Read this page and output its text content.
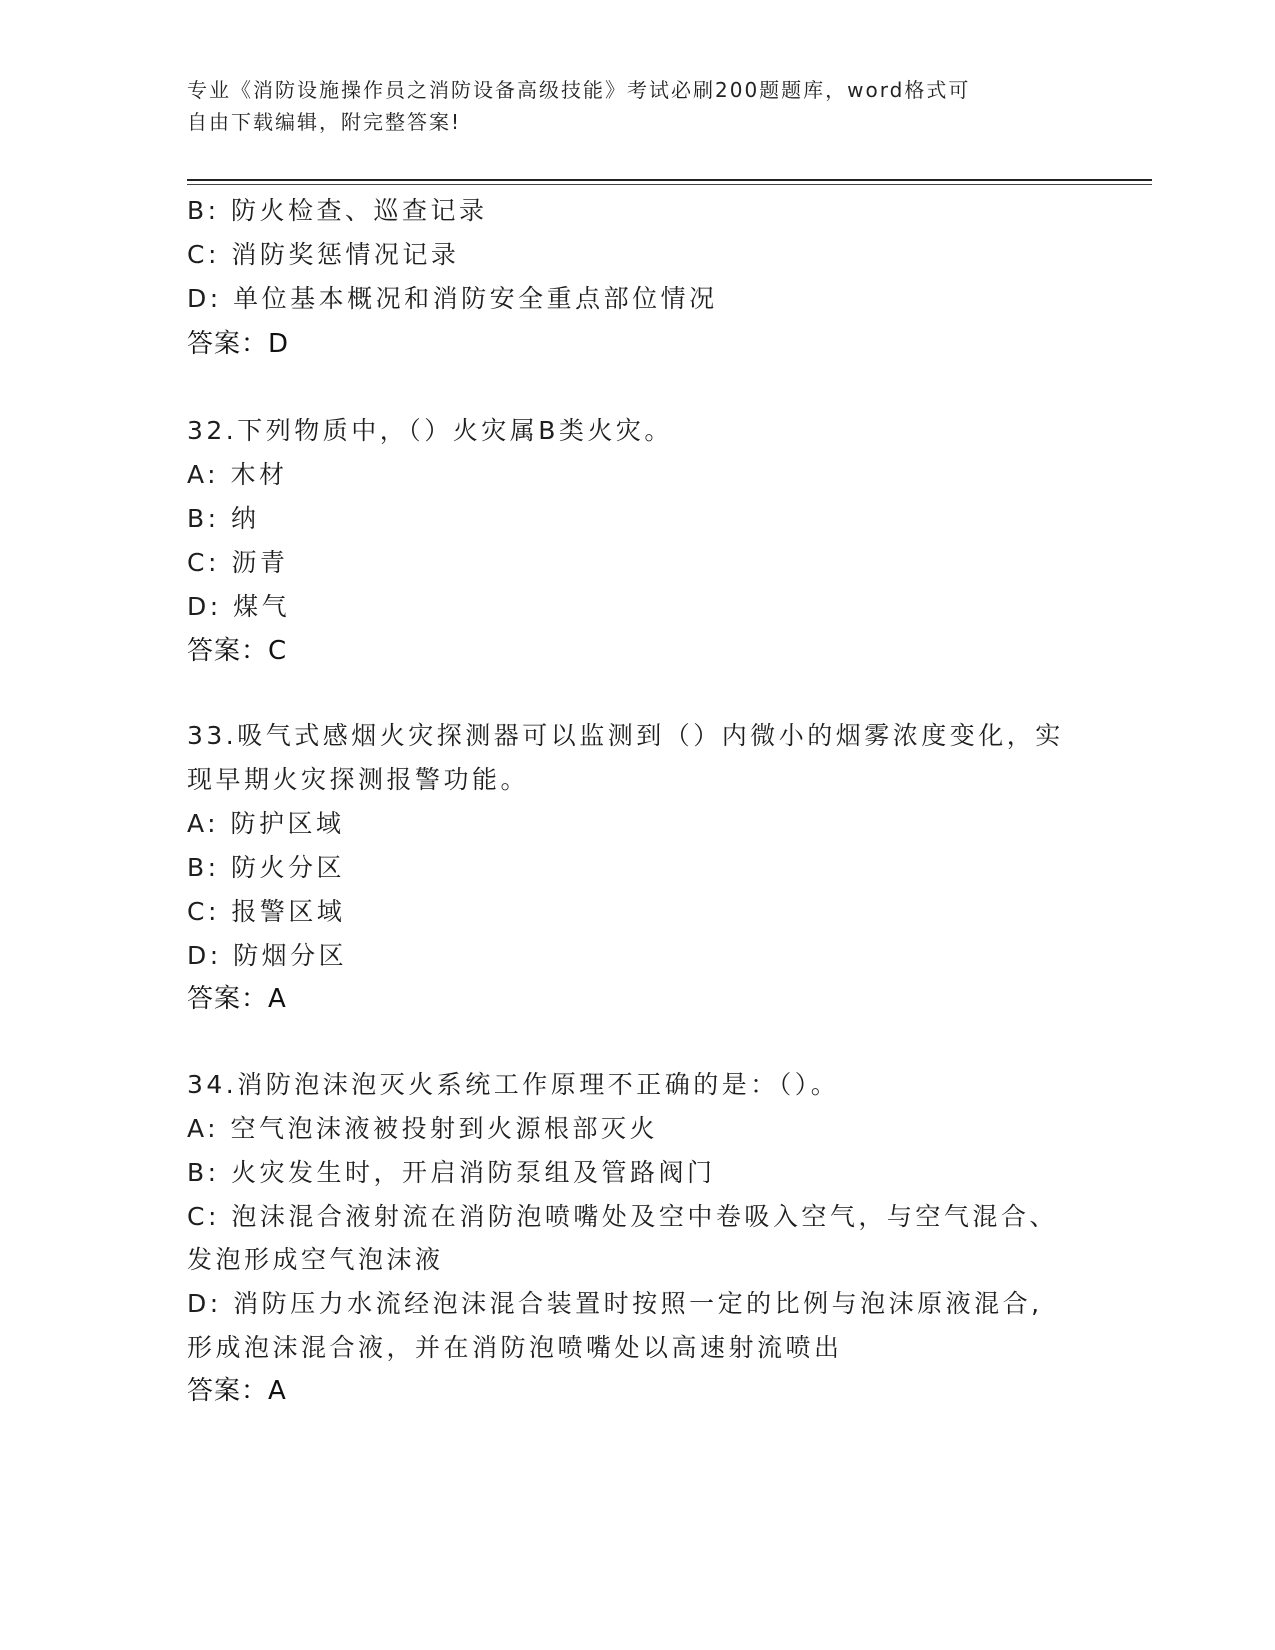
专业《消防设施操作员之消防设备高级技能》考试必刷200题题库，word格式可
自由下载编辑，附完整答案!
B: 防火检查、巡查记录
C: 消防奖惩情况记录
D: 单位基本概况和消防安全重点部位情况
答案：D
32.下列物质中，（）火灾属B类火灾。
A: 木材
B: 纳
C: 沥青
D: 煤气
答案：C
33.吸气式感烟火灾探测器可以监测到（）内微小的烟雾浓度变化，实
现早期火灾探测报警功能。
A: 防护区域
B: 防火分区
C: 报警区域
D: 防烟分区
答案：A
34.消防泡沫泡灭火系统工作原理不正确的是：（）。
A: 空气泡沫液被投射到火源根部灭火
B: 火灾发生时，开启消防泵组及管路阀门
C: 泡沫混合液射流在消防泡喷嘴处及空中卷吸入空气，与空气混合、
发泡形成空气泡沫液
D: 消防压力水流经泡沫混合装置时按照一定的比例与泡沫原液混合,
形成泡沫混合液，并在消防泡喷嘴处以高速射流喷出
答案：A
